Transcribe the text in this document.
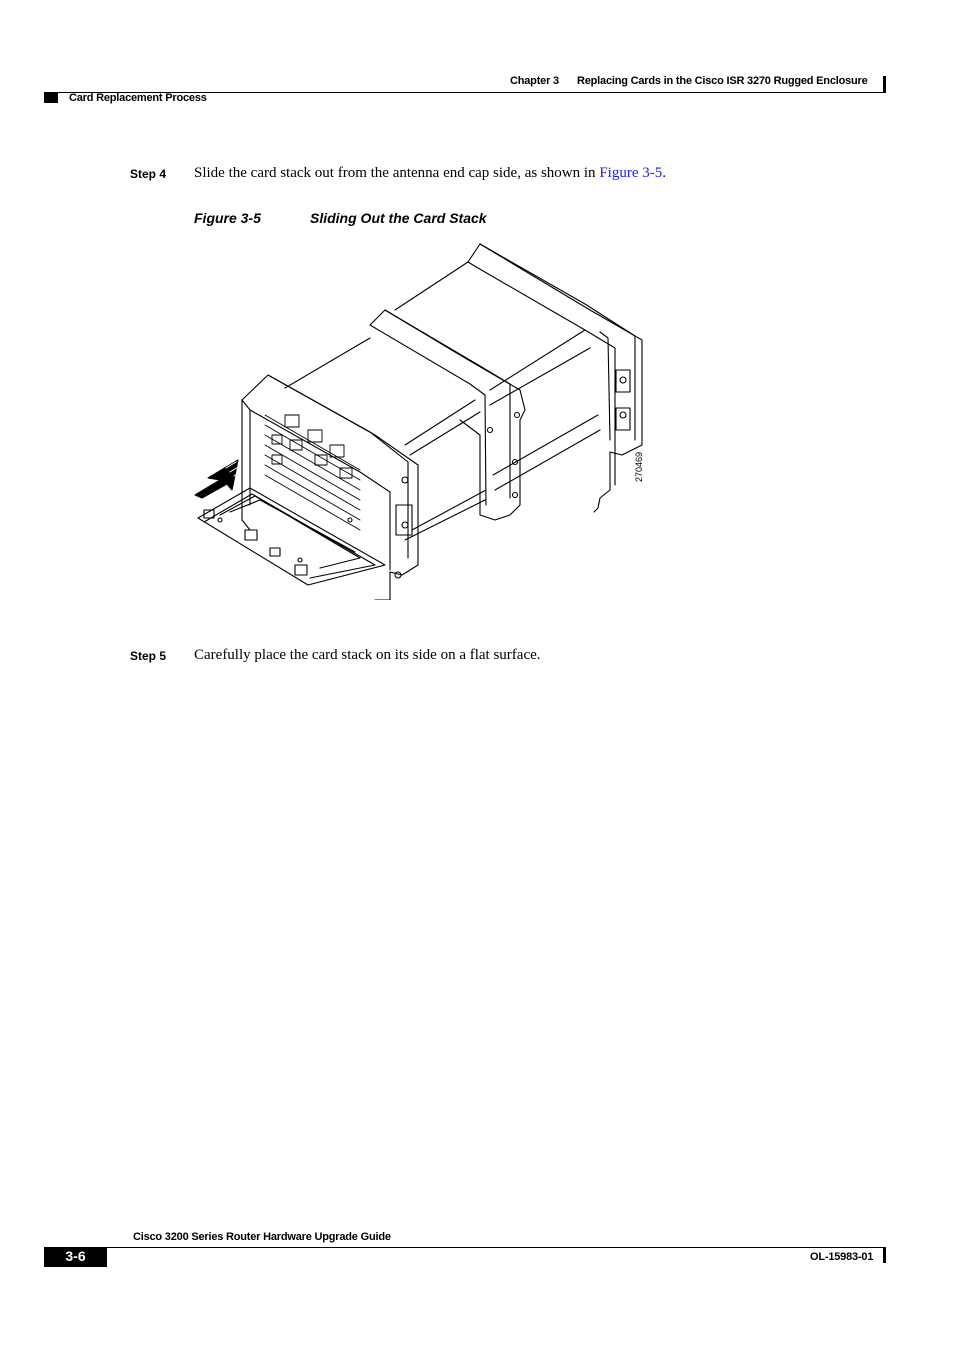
Chapter 3 Replacing Cards in the Cisco ISR 3270 Rugged Enclosure
Card Replacement Process
Step 4 Slide the card stack out from the antenna end cap side, as shown in Figure 3-5.
Figure 3-5	Sliding Out the Card Stack
270469
Step 5 Carefully place the card stack on its side on a flat surface.
Cisco 3200 Series Router Hardware Upgrade Guide
3-6	OL-15983-01
